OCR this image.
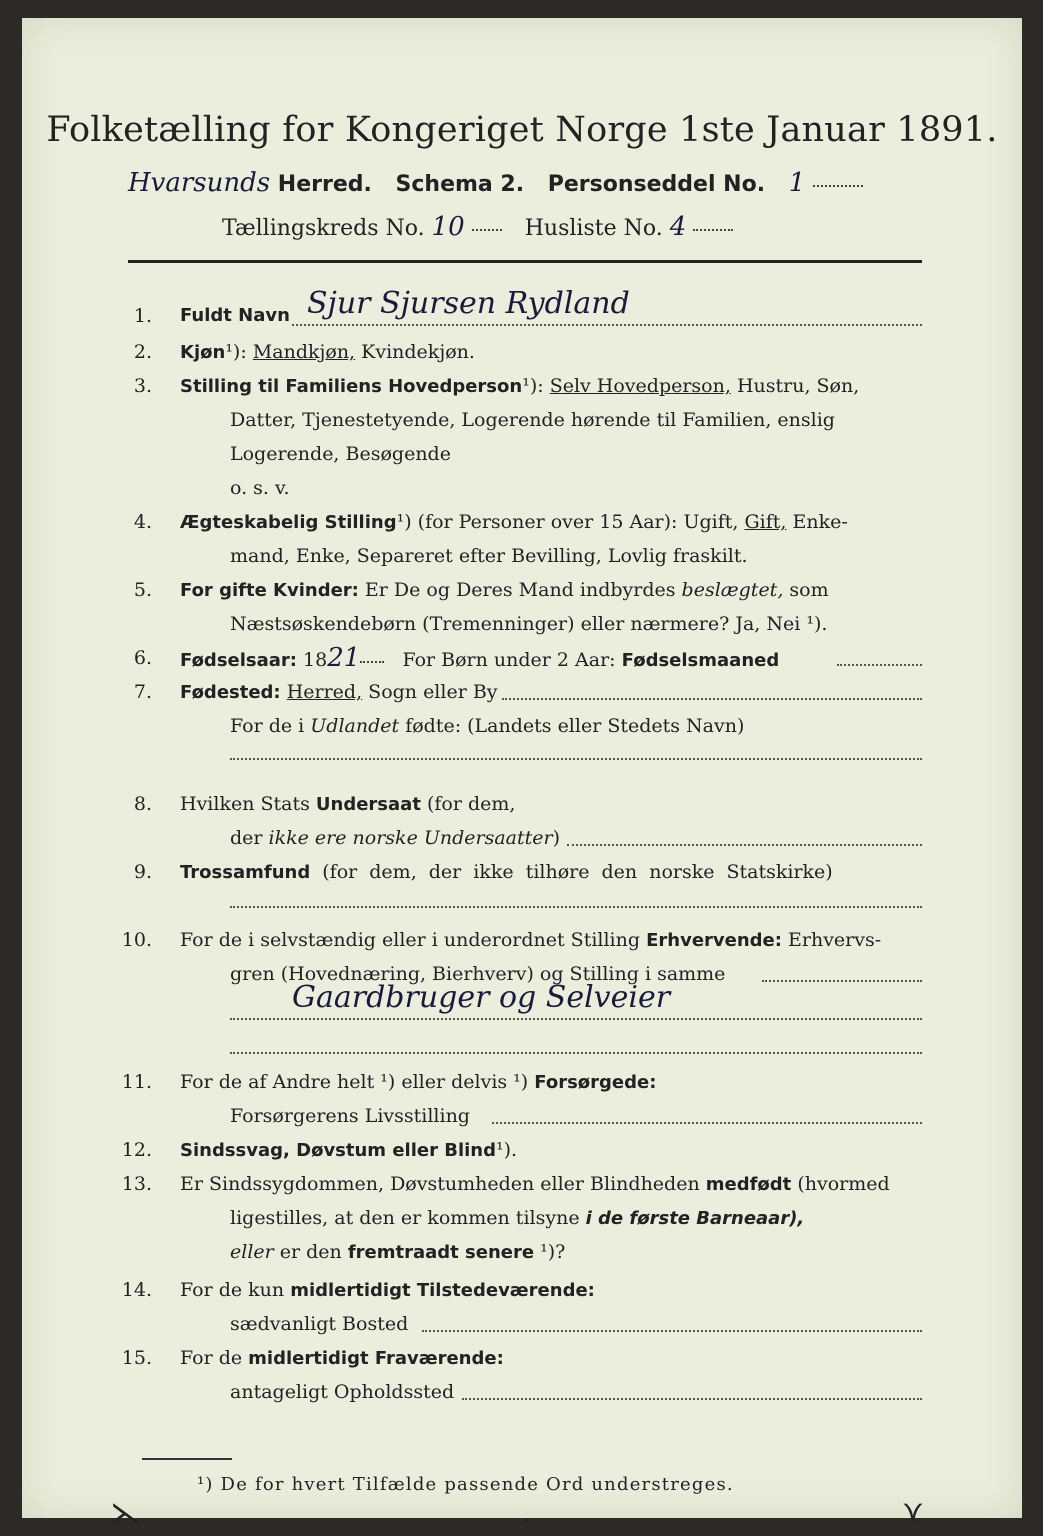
Folketælling for Kongeriget Norge 1ste Januar 1891.
Hvarsunds Herred. Schema 2. Personseddel No. 1
Tællingskreds No. 10	Husliste No. 4
1. Fuldt Navn Sjur Sjursen Rydland
2. Kjøn¹): Mandkjøn, Kvindekjøn.
3. Stilling til Familiens Hovedperson¹): Selv Hovedperson, Hustru, Søn,
Datter, Tjenestetyende, Logerende hørende til Familien, enslig
Logerende, Besøgende
o. s. v.
4. Ægteskabelig Stilling¹) (for Personer over 15 Aar): Ugift, Gift, Enke-
mand, Enke, Separeret efter Bevilling, Lovlig fraskilt.
5. For gifte Kvinder: Er De og Deres Mand indbyrdes beslægtet, som
Næstsøskendebørn (Tremenninger) eller nærmere? Ja, Nei ¹).
6. Fødselsaar: 1821 For Børn under 2 Aar: Fødselsmaaned
7. Fødested: Herred, Sogn eller By
For de i Udlandet fødte: (Landets eller Stedets Navn)
8. Hvilken Stats Undersaat (for dem,
der ikke ere norske Undersaatter)
9. Trossamfund (for dem, der ikke tilhøre den norske Statskirke)
10. For de i selvstændig eller i underordnet Stilling Erhvervende: Erhvervs-
gren (Hovednæring, Bierhverv) og Stilling i samme
Gaardbruger og Selveier
11. For de af Andre helt ¹) eller delvis ¹) Forsørgede:
Forsørgerens Livsstilling
12. Sindssvag, Døvstum eller Blind¹).
13. Er Sindssygdommen, Døvstumheden eller Blindheden medfødt (hvormed
ligestilles, at den er kommen tilsyne i de første Barneaar),
eller er den fremtraadt senere ¹)?
14. For de kun midlertidigt Tilstedeværende:
sædvanligt Bosted
15. For de midlertidigt Fraværende:
antageligt Opholdssted
¹) De for hvert Tilfælde passende Ord understreges.
⋋	‸	⋎
